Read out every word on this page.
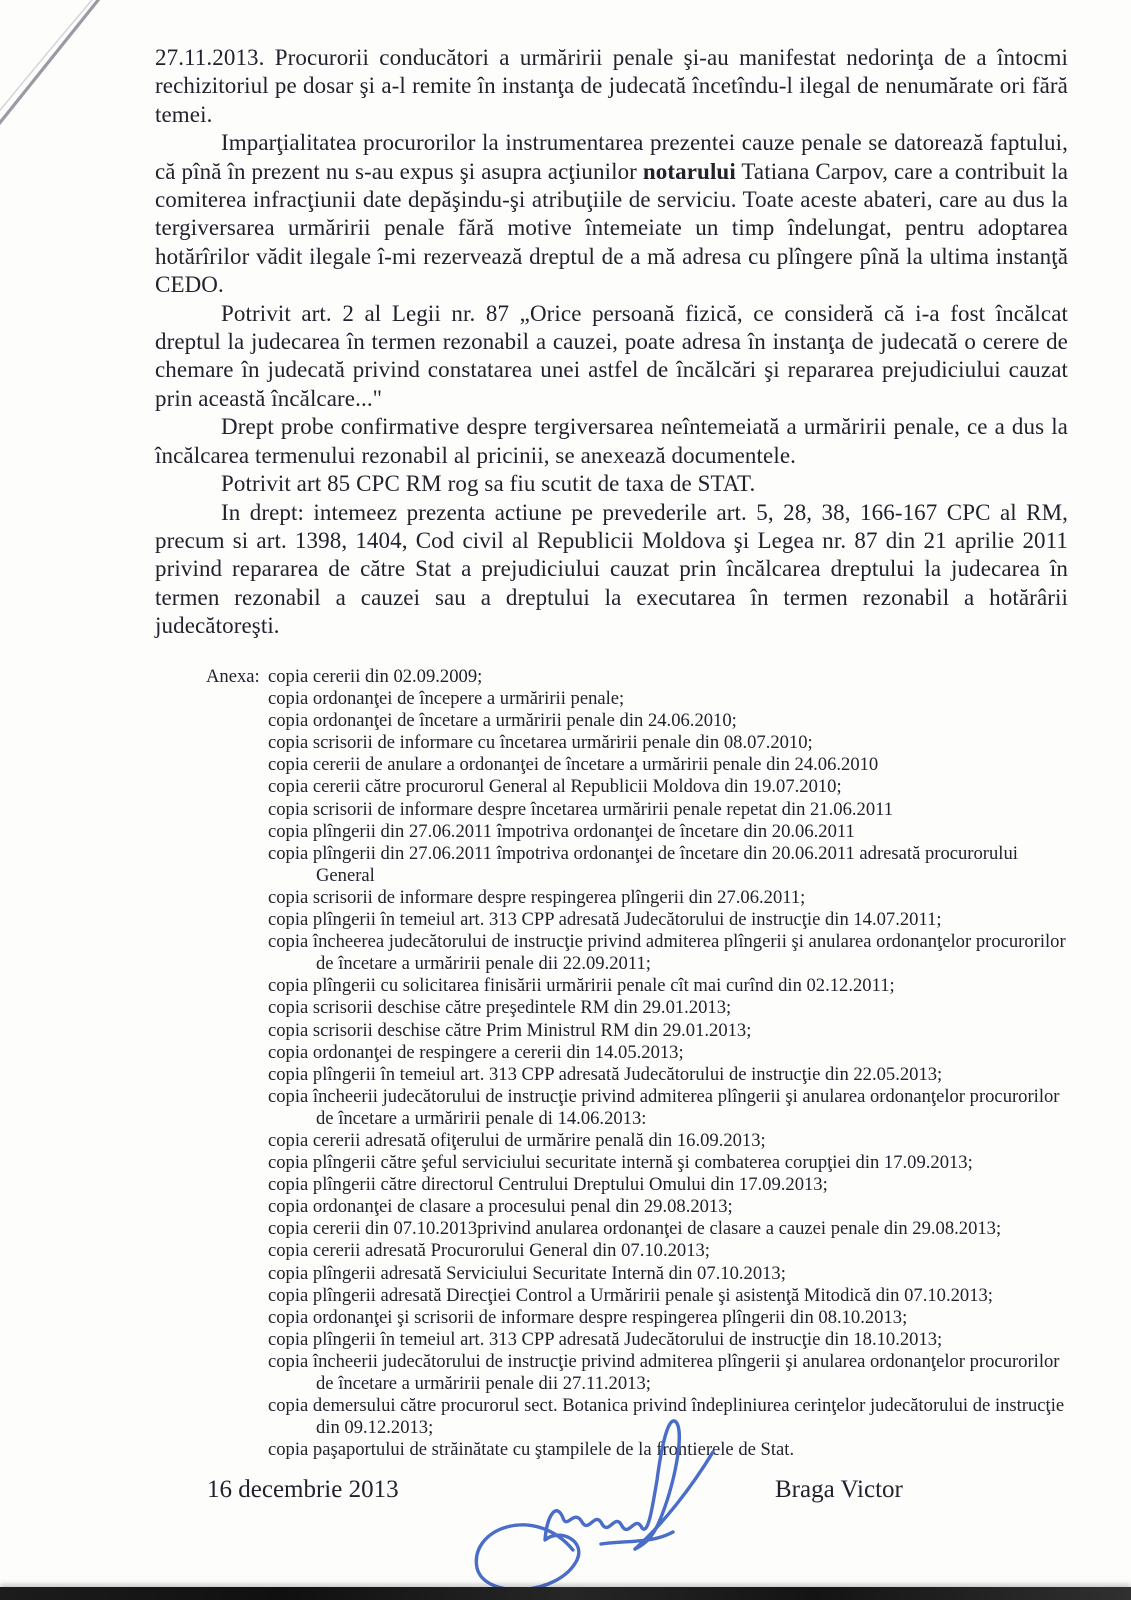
27.11.2013. Procurorii conducători a urmăririi penale şi-au manifestat nedorinţa de a întocmi rechizitoriul pe dosar şi a-l remite în instanţa de judecată încetîndu-l ilegal de nenumărate ori fără temei.

Imparţialitatea procurorilor la instrumentarea prezentei cauze penale se datorează faptului, că pînă în prezent nu s-au expus şi asupra acţiunilor notarului Tatiana Carpov, care a contribuit la comiterea infracţiunii date depăşindu-şi atribuţiile de serviciu. Toate aceste abateri, care au dus la tergiversarea urmăririi penale fără motive întemeiate un timp îndelungat, pentru adoptarea hotărîrilor vădit ilegale î-mi rezervează dreptul de a mă adresa cu plîngere pînă la ultima instanţă CEDO.

Potrivit art. 2 al Legii nr. 87 „Orice persoană fizică, ce consideră că i-a fost încălcat dreptul la judecarea în termen rezonabil a cauzei, poate adresa în instanţa de judecată o cerere de chemare în judecată privind constatarea unei astfel de încălcări şi repararea prejudiciului cauzat prin această încălcare..."

Drept probe confirmative despre tergiversarea neîntemeiată a urmăririi penale, ce a dus la încălcarea termenului rezonabil al pricinii, se anexează documentele.

Potrivit art 85 CPC RM rog sa fiu scutit de taxa de STAT.

In drept: intemeez prezenta actiune pe prevederile art. 5, 28, 38, 166-167 CPC al RM, precum si art. 1398, 1404, Cod civil al Republicii Moldova şi Legea nr. 87 din 21 aprilie 2011 privind repararea de către Stat a prejudiciului cauzat prin încălcarea dreptului la judecarea în termen rezonabil a cauzei sau a dreptului la executarea în termen rezonabil a hotărârii judecătoreşti.

Anexa: copia cererii din 02.09.2009;
copia ordonanţei de începere a urmăririi penale;
copia ordonanţei de încetare a urmăririi penale din 24.06.2010;
copia scrisorii de informare cu încetarea urmăririi penale din 08.07.2010;
copia cererii de anulare a ordonanţei de încetare a urmăririi penale din 24.06.2010
copia cererii către procurorul General al Republicii Moldova din 19.07.2010;
copia scrisorii de informare despre încetarea urmăririi penale repetat din 21.06.2011
copia plîngerii din 27.06.2011 împotriva ordonanţei de încetare din 20.06.2011
copia plîngerii din 27.06.2011 împotriva ordonanţei de încetare din 20.06.2011 adresată procurorului General
copia scrisorii de informare despre respingerea plîngerii din 27.06.2011;
copia plîngerii în temeiul art. 313 CPP adresată Judecătorului de instrucţie din 14.07.2011;
copia încheerea judecătorului de instrucţie privind admiterea plîngerii şi anularea ordonanţelor procurorilor de încetare a urmăririi penale dii 22.09.2011;
copia plîngerii cu solicitarea finisării urmăririi penale cît mai curînd din 02.12.2011;
copia scrisorii deschise către preşedintele RM din 29.01.2013;
copia scrisorii deschise către Prim Ministrul RM din 29.01.2013;
copia ordonanţei de respingere a cererii din 14.05.2013;
copia plîngerii în temeiul art. 313 CPP adresată Judecătorului de instrucţie din 22.05.2013;
copia încheerii judecătorului de instrucţie privind admiterea plîngerii şi anularea ordonanţelor procurorilor de încetare a urmăririi penale di 14.06.2013:
copia cererii adresată ofiţerului de urmărire penală din 16.09.2013;
copia plîngerii către şeful serviciului securitate internă şi combaterea corupţiei din 17.09.2013;
copia plîngerii către directorul Centrului Dreptului Omului din 17.09.2013;
copia ordonanţei de clasare a procesului penal din 29.08.2013;
copia cererii din 07.10.2013privind anularea ordonanţei de clasare a cauzei penale din 29.08.2013;
copia cererii adresată Procurorului General din 07.10.2013;
copia plîngerii adresată Serviciului Securitate Internă din 07.10.2013;
copia plîngerii adresată Direcţiei Control a Urmăririi penale şi asistenţă Mitodică din 07.10.2013;
copia ordonanţei şi scrisorii de informare despre respingerea plîngerii din 08.10.2013;
copia plîngerii în temeiul art. 313 CPP adresată Judecătorului de instrucţie din 18.10.2013;
copia încheerii judecătorului de instrucţie privind admiterea plîngerii şi anularea ordonanţelor procurorilor de încetare a urmăririi penale dii 27.11.2013;
copia demersului către procurorul sect. Botanica privind îndepliniurea cerinţelor judecătorului de instrucţie din 09.12.2013;
copia paşaportului de străinătate cu ştampilele de la frontierele de Stat.
16 decembrie 2013	Braga Victor
